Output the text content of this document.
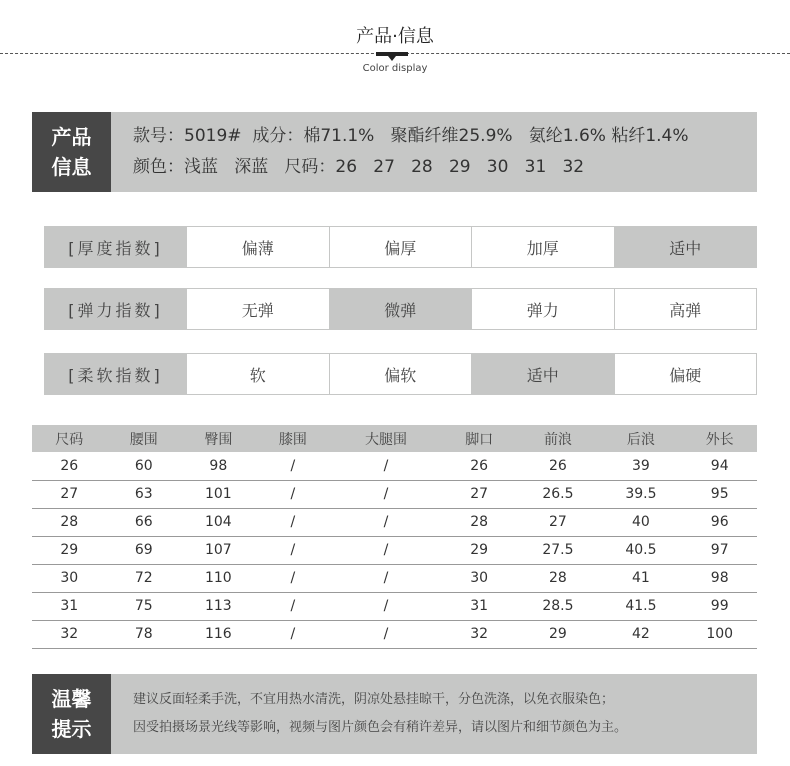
产品·信息
Color display
产品
信息
款号：5019#  成分：棉71.1%   聚酯纤维25.9%   氨纶1.6% 粘纤1.4%
颜色：浅蓝   深蓝   尺码：26   27   28   29   30   31   32
[厚度指数]	偏薄	偏厚	加厚	适中
[弹力指数]	无弹	微弹	弹力	高弹
[柔软指数]	软	偏软	适中	偏硬
尺码	腰围	臀围	膝围	大腿围	脚口	前浪	后浪	外长
26	60	98	/	/	26	26	39	94
27	63	101	/	/	27	26.5	39.5	95
28	66	104	/	/	28	27	40	96
29	69	107	/	/	29	27.5	40.5	97
30	72	110	/	/	30	28	41	98
31	75	113	/	/	31	28.5	41.5	99
32	78	116	/	/	32	29	42	100
温馨
提示
建议反面轻柔手洗，不宜用热水清洗，阴凉处悬挂晾干，分色洗涤，以免衣服染色；
因受拍摄场景光线等影响，视频与图片颜色会有稍许差异，请以图片和细节颜色为主。
